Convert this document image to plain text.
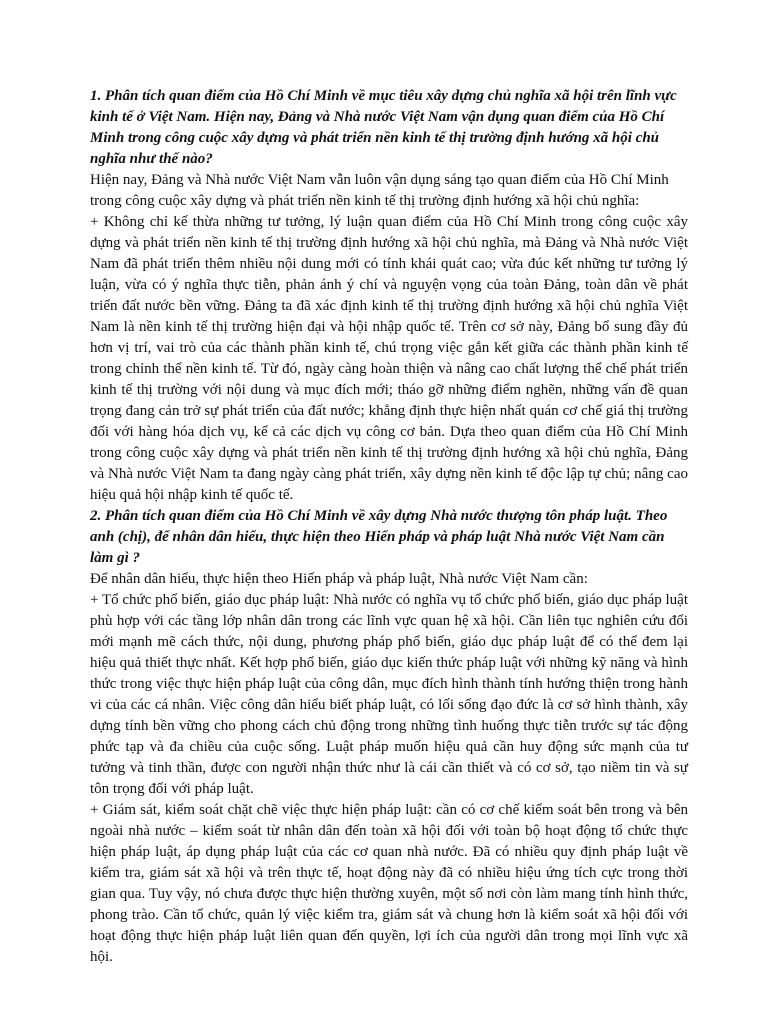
1. Phân tích quan điểm của Hồ Chí Minh về mục tiêu xây dựng chủ nghĩa xã hội trên lĩnh vực kinh tế ở Việt Nam. Hiện nay, Đảng và Nhà nước Việt Nam vận dụng quan điểm của Hồ Chí Minh trong công cuộc xây dựng và phát triển nền kinh tế thị trường định hướng xã hội chủ nghĩa như thế nào?

Hiện nay, Đảng và Nhà nước Việt Nam vẫn luôn vận dụng sáng tạo quan điểm của Hồ Chí Minh trong công cuộc xây dựng và phát triển nền kinh tế thị trường định hướng xã hội chủ nghĩa:

+ Không chỉ kế thừa những tư tưởng, lý luận quan điểm của Hồ Chí Minh trong công cuộc xây dựng và phát triển nền kinh tế thị trường định hướng xã hội chủ nghĩa, mà Đảng và Nhà nước Việt Nam đã phát triển thêm nhiều nội dung mới có tính khái quát cao; vừa đúc kết những tư tưởng lý luận, vừa có ý nghĩa thực tiễn, phản ánh ý chí và nguyện vọng của toàn Đảng, toàn dân về phát triển đất nước bền vững. Đảng ta đã xác định kinh tế thị trường định hướng xã hội chủ nghĩa Việt Nam là nền kinh tế thị trường hiện đại và hội nhập quốc tế. Trên cơ sở này, Đảng bổ sung đầy đủ hơn vị trí, vai trò của các thành phần kinh tế, chú trọng việc gắn kết giữa các thành phần kinh tế trong chỉnh thể nền kinh tế. Từ đó, ngày càng hoàn thiện và nâng cao chất lượng thể chế phát triển kinh tế thị trường với nội dung và mục đích mới; tháo gỡ những điểm nghẽn, những vấn đề quan trọng đang cản trở sự phát triển của đất nước; khẳng định thực hiện nhất quán cơ chế giá thị trường đối với hàng hóa dịch vụ, kể cả các dịch vụ công cơ bản. Dựa theo quan điểm của Hồ Chí Minh trong công cuộc xây dựng và phát triển nền kinh tế thị trường định hướng xã hội chủ nghĩa, Đảng và Nhà nước Việt Nam ta đang ngày càng phát triển, xây dựng nền kinh tế độc lập tự chủ; nâng cao hiệu quả hội nhập kinh tế quốc tế.

2. Phân tích quan điểm của Hồ Chí Minh về xây dựng Nhà nước thượng tôn pháp luật. Theo anh (chị), để nhân dân hiểu, thực hiện theo Hiến pháp và pháp luật Nhà nước Việt Nam cần làm gì ?

Để nhân dân hiểu, thực hiện theo Hiến pháp và pháp luật, Nhà nước Việt Nam cần:

+ Tổ chức phổ biến, giáo dục pháp luật: Nhà nước có nghĩa vụ tổ chức phổ biến, giáo dục pháp luật phù hợp với các tầng lớp nhân dân trong các lĩnh vực quan hệ xã hội. Cần liên tục nghiên cứu đổi mới mạnh mẽ cách thức, nội dung, phương pháp phổ biến, giáo dục pháp luật để có thể đem lại hiệu quả thiết thực nhất. Kết hợp phổ biến, giáo dục kiến thức pháp luật với những kỹ năng và hình thức trong việc thực hiện pháp luật của công dân, mục đích hình thành tính hướng thiện trong hành vi của các cá nhân. Việc công dân hiểu biết pháp luật, có lối sống đạo đức là cơ sở hình thành, xây dựng tính bền vững cho phong cách chủ động trong những tình huống thực tiễn trước sự tác động phức tạp và đa chiều của cuộc sống. Luật pháp muốn hiệu quả cần huy động sức mạnh của tư tưởng và tinh thần, được con người nhận thức như là cái cần thiết và có cơ sở, tạo niềm tin và sự tôn trọng đối với pháp luật.

+ Giám sát, kiểm soát chặt chẽ việc thực hiện pháp luật: cần có cơ chế kiểm soát bên trong và bên ngoài nhà nước – kiểm soát từ nhân dân đến toàn xã hội đối với toàn bộ hoạt động tổ chức thực hiện pháp luật, áp dụng pháp luật của các cơ quan nhà nước. Đã có nhiều quy định pháp luật về kiểm tra, giám sát xã hội và trên thực tế, hoạt động này đã có nhiều hiệu ứng tích cực trong thời gian qua. Tuy vậy, nó chưa được thực hiện thường xuyên, một số nơi còn làm mang tính hình thức, phong trào. Cần tổ chức, quản lý việc kiểm tra, giám sát và chung hơn là kiểm soát xã hội đối với hoạt động thực hiện pháp luật liên quan đến quyền, lợi ích của người dân trong mọi lĩnh vực xã hội.
